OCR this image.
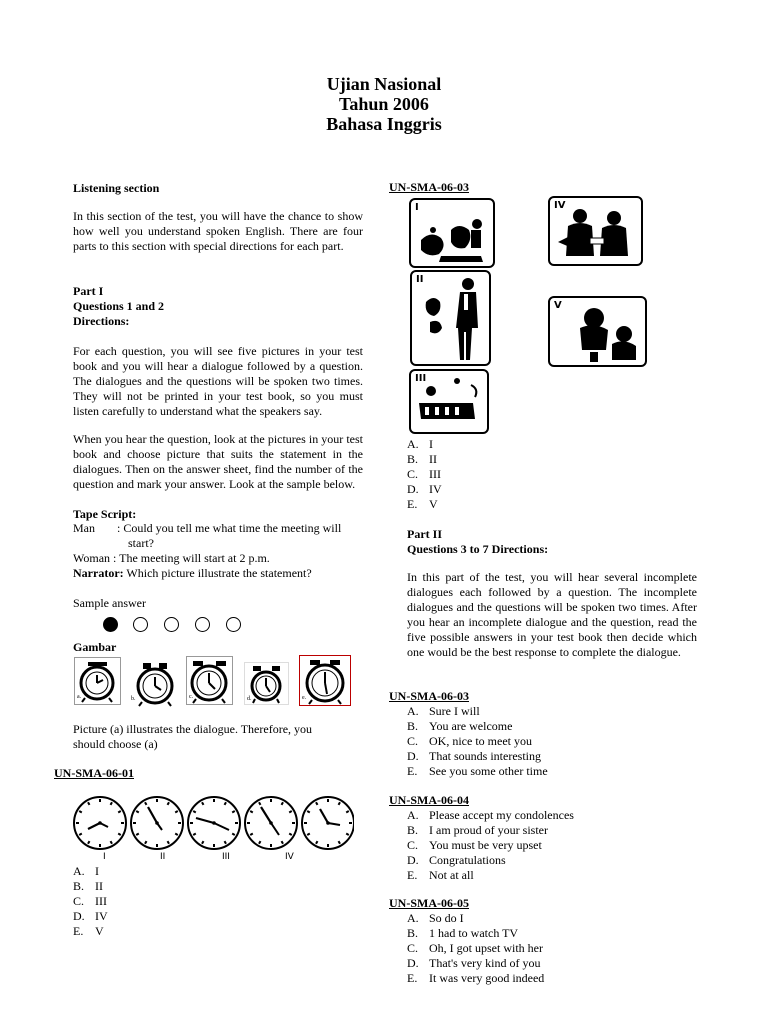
Ujian Nasional
Tahun 2006
Bahasa Inggris
Listening section
In this section of the test, you will have the chance to show how well you understand spoken English. There are four parts to this section with special directions for each part.
Part I
Questions 1 and 2
Directions:
For each question, you will see five pictures in your test book and you will hear a dialogue followed by a question. The dialogues and the questions will be spoken two times. They will not be printed in your test book, so you must listen carefully to understand what the speakers say.
When you hear the question, look at the pictures in your test book and choose picture that suits the statement in the dialogues. Then on the answer sheet, find the number of the question and mark your answer. Look at the sample below.
Tape Script:
Man : Could you tell me what time the meeting will
start?
Woman : The meeting will start at 2 p.m.
Narrator: Which picture illustrate the statement?
Sample answer
Gambar
a.	b.	c.	d.	e.
Picture (a) illustrates the dialogue. Therefore, you
should choose (a)
UN-SMA-06-01
I	II	III	IV
A. I
B. II
C. III
D. IV
E. V
UN-SMA-06-03
I	IV
II
V
III
A. I
B. II
C. III
D. IV
E. V
Part II
Questions 3 to 7 Directions:
In this part of the test, you will hear several incomplete dialogues each followed by a question. The incomplete dialogues and the questions will be spoken two times. After you hear an incomplete dialogue and the question, read the five possible answers in your test book then decide which one would be the best response to complete the dialogue.
UN-SMA-06-03
A. Sure I will
B. You are welcome
C. OK, nice to meet you
D. That sounds interesting
E. See you some other time
UN-SMA-06-04
A. Please accept my condolences
B. I am proud of your sister
C. You must be very upset
D. Congratulations
E. Not at all
UN-SMA-06-05
A. So do I
B. 1 had to watch TV
C. Oh, I got upset with her
D. That's very kind of you
E. It was very good indeed
